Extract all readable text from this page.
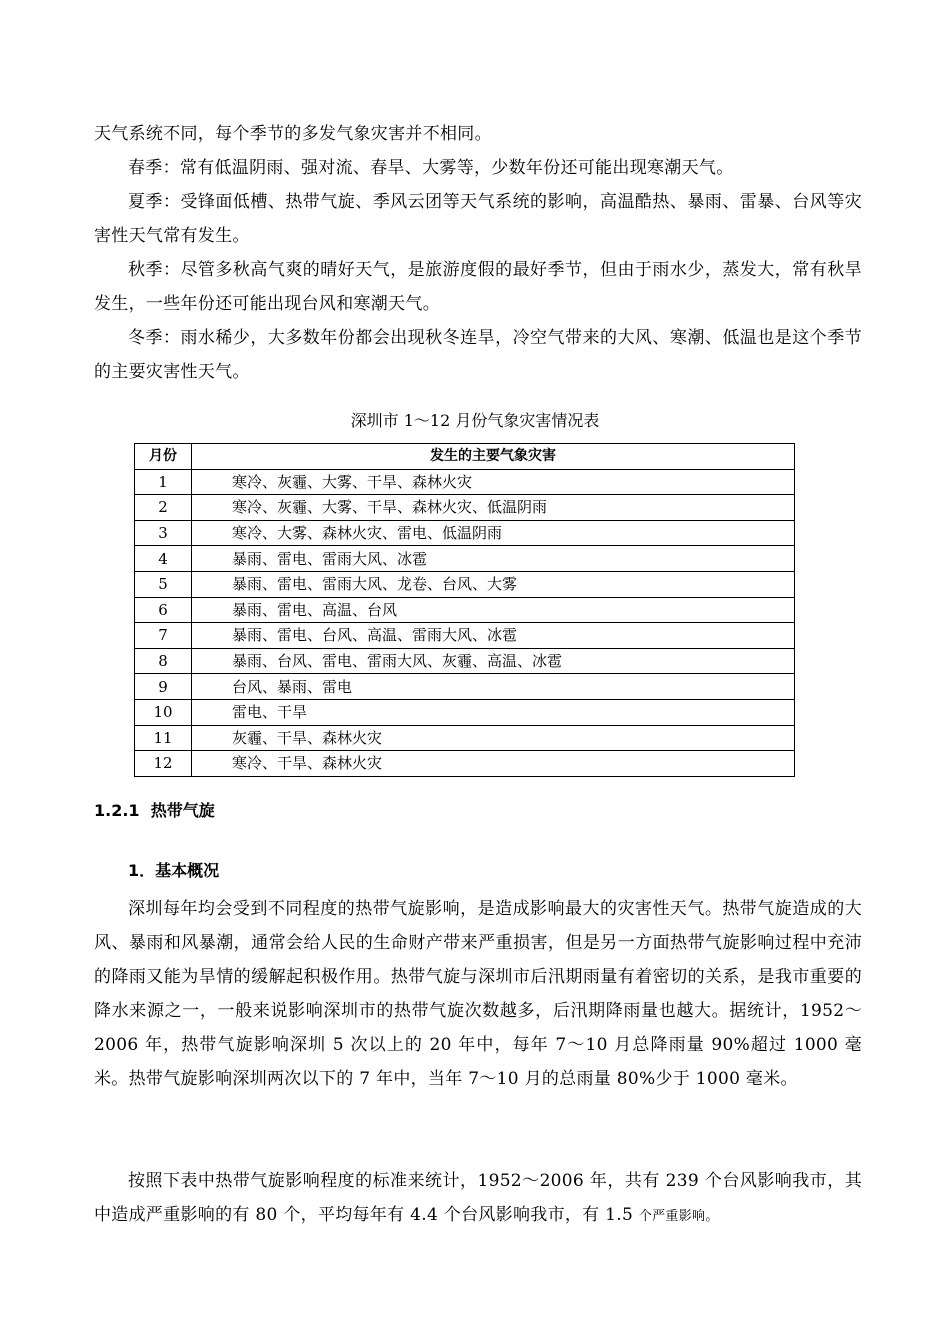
天气系统不同，每个季节的多发气象灾害并不相同。

春季：常有低温阴雨、强对流、春旱、大雾等，少数年份还可能出现寒潮天气。

夏季：受锋面低槽、热带气旋、季风云团等天气系统的影响，高温酷热、暴雨、雷暴、台风等灾害性天气常有发生。

秋季：尽管多秋高气爽的晴好天气，是旅游度假的最好季节，但由于雨水少，蒸发大，常有秋旱发生，一些年份还可能出现台风和寒潮天气。

冬季：雨水稀少，大多数年份都会出现秋冬连旱，冷空气带来的大风、寒潮、低温也是这个季节的主要灾害性天气。

深圳市 1～12 月份气象灾害情况表
月份	发生的主要气象灾害
1	寒冷、灰霾、大雾、干旱、森林火灾
2	寒冷、灰霾、大雾、干旱、森林火灾、低温阴雨
3	寒冷、大雾、森林火灾、雷电、低温阴雨
4	暴雨、雷电、雷雨大风、冰雹
5	暴雨、雷电、雷雨大风、龙卷、台风、大雾
6	暴雨、雷电、高温、台风
7	暴雨、雷电、台风、高温、雷雨大风、冰雹
8	暴雨、台风、雷电、雷雨大风、灰霾、高温、冰雹
9	台风、暴雨、雷电
10	雷电、干旱
11	灰霾、干旱、森林火灾
12	寒冷、干旱、森林火灾
1.2.1 热带气旋
1．基本概况

深圳每年均会受到不同程度的热带气旋影响，是造成影响最大的灾害性天气。热带气旋造成的大风、暴雨和风暴潮，通常会给人民的生命财产带来严重损害，但是另一方面热带气旋影响过程中充沛的降雨又能为旱情的缓解起积极作用。热带气旋与深圳市后汛期雨量有着密切的关系，是我市重要的降水来源之一，一般来说影响深圳市的热带气旋次数越多，后汛期降雨量也越大。据统计，1952～2006 年，热带气旋影响深圳 5 次以上的 20 年中，每年 7～10 月总降雨量 90%超过 1000 毫米。热带气旋影响深圳两次以下的 7 年中，当年 7～10 月的总雨量 80%少于 1000 毫米。

按照下表中热带气旋影响程度的标准来统计，1952～2006 年，共有 239 个台风影响我市，其中造成严重影响的有 80 个，平均每年有 4.4 个台风影响我市，有 1.5 个严重影响。
